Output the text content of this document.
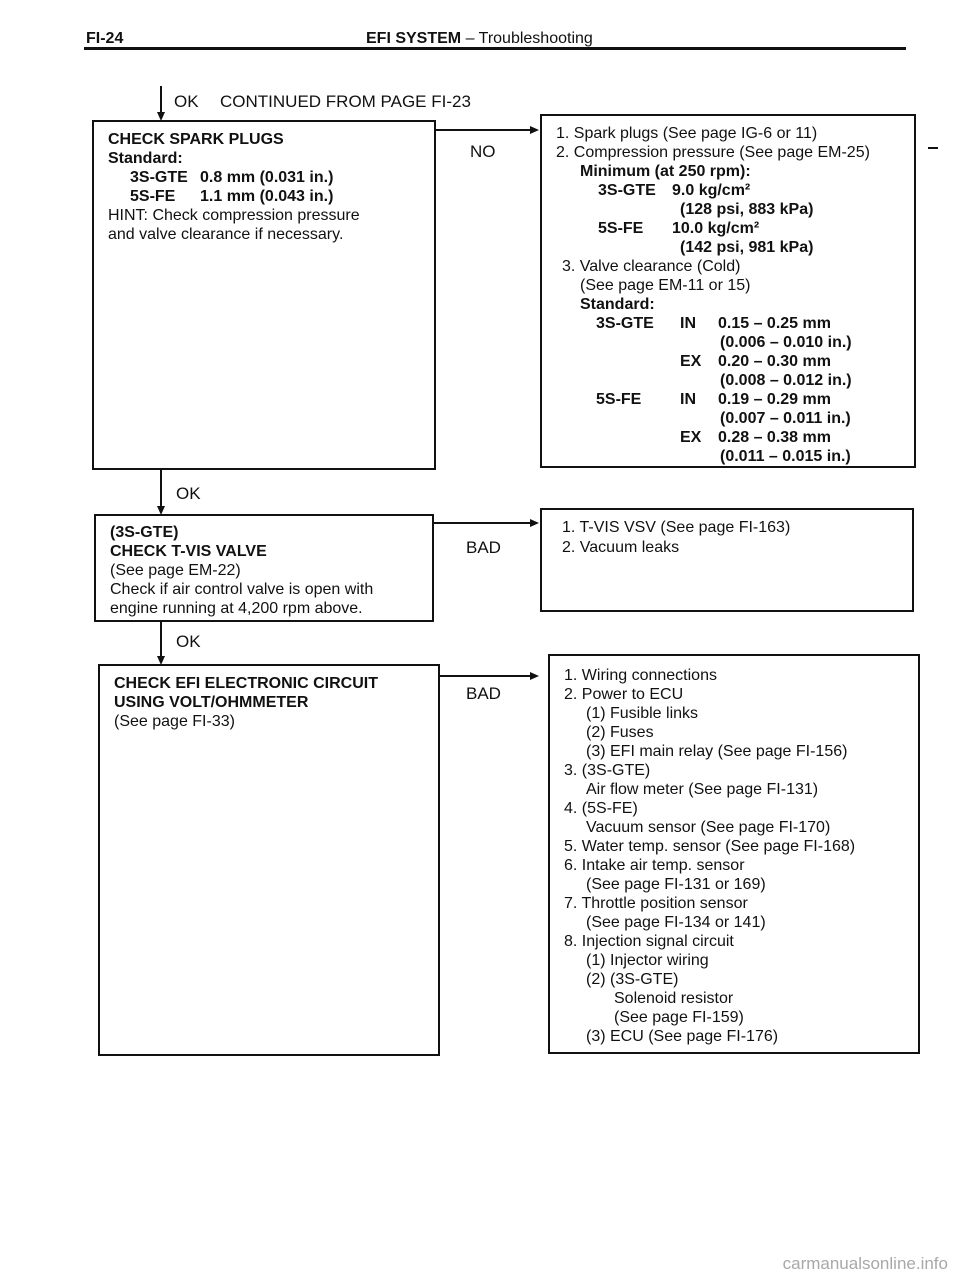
FI-24	EFI SYSTEM – Troubleshooting
OK CONTINUED FROM PAGE FI-23
CHECK SPARK PLUGS
Standard:
3S-GTE 0.8 mm (0.031 in.)
5S-FE 1.1 mm (0.043 in.)
HINT: Check compression pressure
and valve clearance if necessary.
NO
1. Spark plugs (See page IG-6 or 11)
2. Compression pressure (See page EM-25)
Minimum (at 250 rpm):
3S-GTE 9.0 kg/cm²
(128 psi, 883 kPa)
5S-FE 10.0 kg/cm²
(142 psi, 981 kPa)
3. Valve clearance (Cold)
(See page EM-11 or 15)
Standard:
3S-GTE IN 0.15 – 0.25 mm
(0.006 – 0.010 in.)
EX 0.20 – 0.30 mm
(0.008 – 0.012 in.)
5S-FE IN 0.19 – 0.29 mm
(0.007 – 0.011 in.)
EX 0.28 – 0.38 mm
(0.011 – 0.015 in.)
OK
(3S-GTE)
CHECK T-VIS VALVE
(See page EM-22)
Check if air control valve is open with
engine running at 4,200 rpm above.
BAD
1. T-VIS VSV (See page FI-163)
2. Vacuum leaks
OK
CHECK EFI ELECTRONIC CIRCUIT
USING VOLT/OHMMETER
(See page FI-33)
BAD
1. Wiring connections
2. Power to ECU
(1) Fusible links
(2) Fuses
(3) EFI main relay (See page FI-156)
3. (3S-GTE)
Air flow meter (See page FI-131)
4. (5S-FE)
Vacuum sensor (See page FI-170)
5. Water temp. sensor (See page FI-168)
6. Intake air temp. sensor
(See page FI-131 or 169)
7. Throttle position sensor
(See page FI-134 or 141)
8. Injection signal circuit
(1) Injector wiring
(2) (3S-GTE)
Solenoid resistor
(See page FI-159)
(3) ECU (See page FI-176)
carmanualsonline.info
